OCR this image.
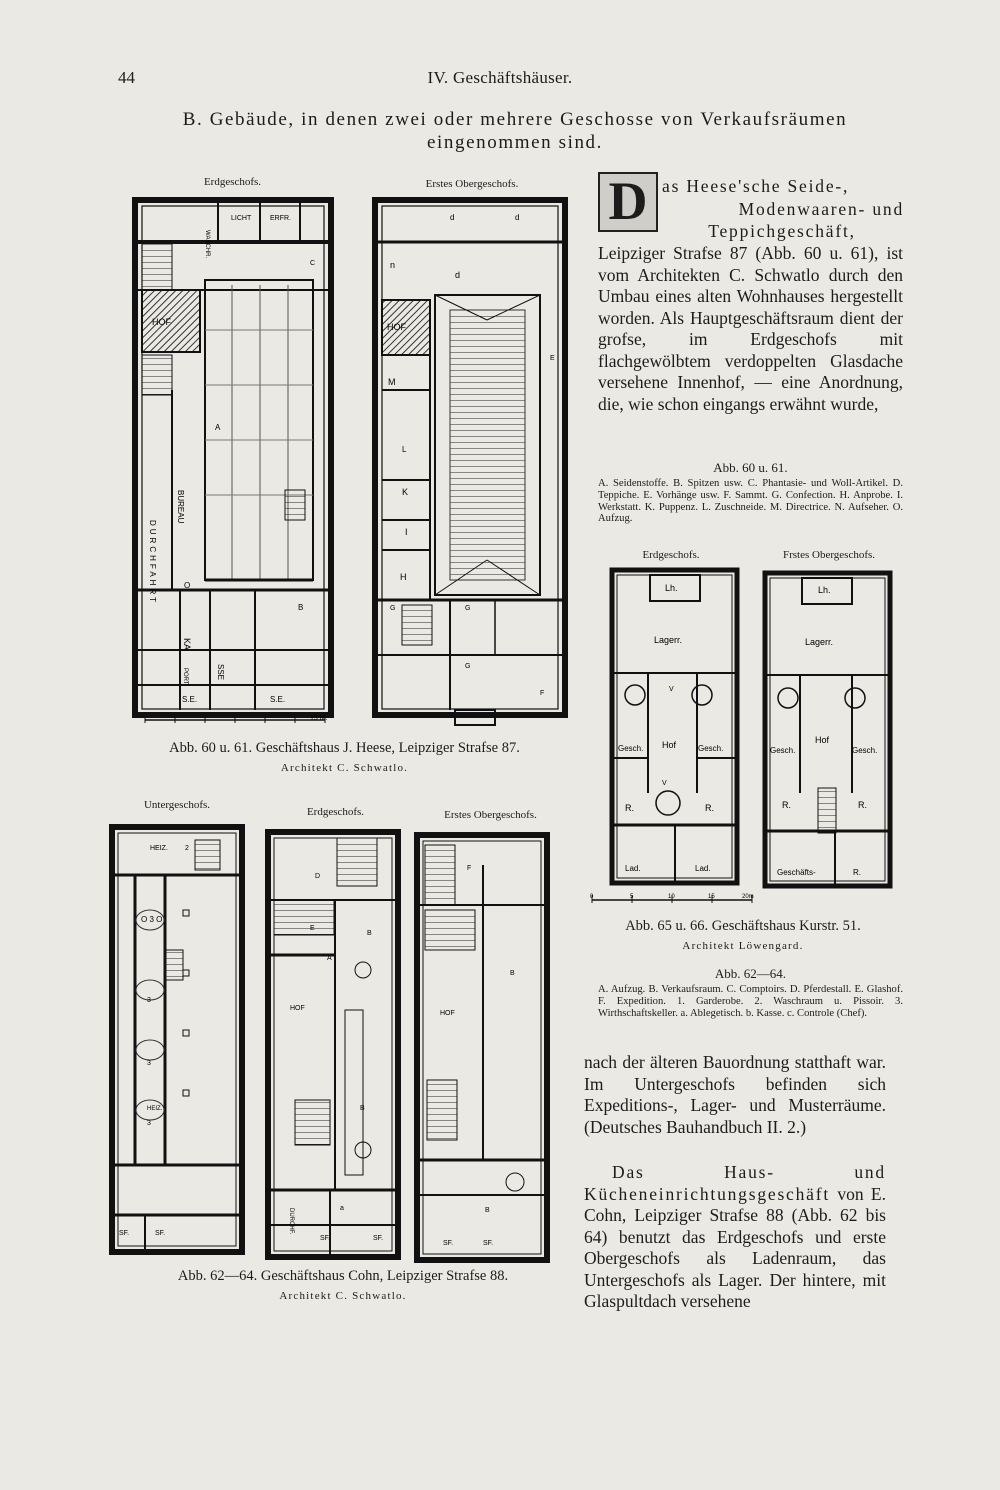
44	IV. Geschäftshäuser.
B. Gebäude, in denen zwei oder mehrere Geschosse von Verkaufsräumen eingenommen sind.
Erdgeschofs.	Erstes Obergeschofs.
LICHT	ERFR.
WASCHR.
HOF
A
BUREAU
DURCHFAHRT	O
KA
PORT.	SSE
S.E.	S.E.
B
C
15 M.
d	d
n
d
HOF
M
L
K
I
H
G	G
G
F
E
Abb. 60 u. 61. Geschäftshaus J. Heese, Leipziger Strafse 87.
Architekt C. Schwatlo.
Untergeschofs.
Erdgeschofs.	Erstes Obergeschofs.
HEIZ. 2
O 3 O
3
3
3
HEIZ.
SF.	SF.
D
E
B
HOF
B
A
DURCHF.	a
SF.	SF.
F
B
HOF
B
SF.	SF.
Abb. 62—64. Geschäftshaus Cohn, Leipziger Strafse 88.
Architekt C. Schwatlo.
D as Heese'sche Seide-,
Modenwaaren- und
Teppichgeschäft,

Leipziger Strafse 87 (Abb. 60 u. 61), ist vom Architekten C. Schwatlo durch den Umbau eines alten Wohnhauses hergestellt worden. Als Hauptgeschäftsraum dient der grofse, im Erdgeschofs mit flachgewölbtem verdoppelten Glasdache versehene Innenhof, — eine Anordnung, die, wie schon eingangs erwähnt wurde,

Abb. 60 u. 61.
A. Seidenstoffe. B. Spitzen usw. C. Phantasie- und Woll-Artikel. D. Teppiche. E. Vorhänge usw. F. Sammt. G. Confection. H. Anprobe. I. Werkstatt. K. Puppenz. L. Zuschneide. M. Directrice. N. Aufseher. O. Aufzug.
Erdgeschofs.	Frstes Obergeschofs.
Lh.
Lagerr.
Hof
Gesch.	Gesch.
R.	R.
Lad.	Lad.
V
V
Lh.
Lagerr.
Hof
Gesch.	Gesch.
R.	R.
Geschäfts-	R.
0	5	10	15	20m
Abb. 65 u. 66. Geschäftshaus Kurstr. 51.
Architekt Löwengard.
Abb. 62—64.
A. Aufzug. B. Verkaufsraum. C. Comptoirs. D. Pferdestall. E. Glashof. F. Expedition. 1. Garderobe. 2. Waschraum u. Pissoir. 3. Wirthschaftskeller. a. Ablegetisch. b. Kasse. c. Controle (Chef).

nach der älteren Bauordnung statthaft war. Im Untergeschofs befinden sich Expeditions-, Lager- und Musterräume. (Deutsches Bauhandbuch II. 2.)

Das Haus- und Kücheneinrichtungsgeschäft von E. Cohn, Leipziger Strafse 88 (Abb. 62 bis 64) benutzt das Erdgeschofs und erste Obergeschofs als Ladenraum, das Untergeschofs als Lager. Der hintere, mit Glaspultdach versehene
